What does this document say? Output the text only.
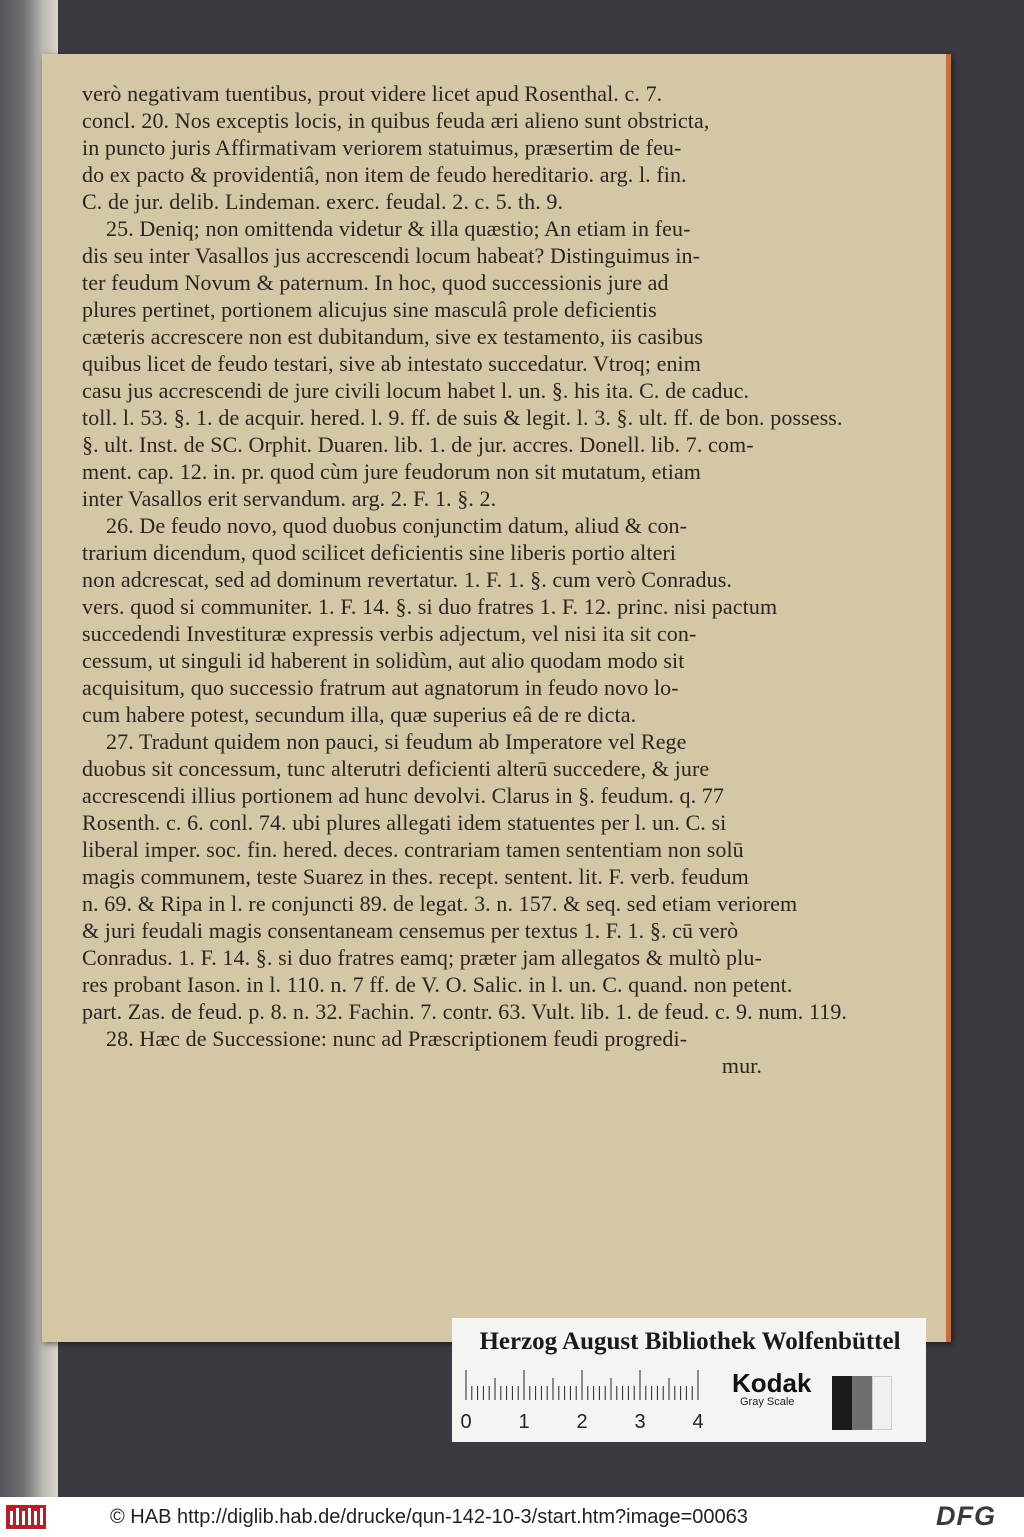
verò negativam tuentibus, prout videre licet apud Rosenthal. c. 7.

concl. 20. Nos exceptis locis, in quibus feuda æri alieno sunt obstricta,

in puncto juris Affirmativam veriorem statuimus, præsertim de feu-

do ex pacto & providentiâ, non item de feudo hereditario. arg. l. fin.

C. de jur. delib. Lindeman. exerc. feudal. 2. c. 5. th. 9.

25. Deniq; non omittenda videtur & illa quæstio; An etiam in feu-

dis seu inter Vasallos jus accrescendi locum habeat? Distinguimus in-

ter feudum Novum & paternum. In hoc, quod successionis jure ad

plures pertinet, portionem alicujus sine masculâ prole deficientis

cæteris accrescere non est dubitandum, sive ex testamento, iis casibus

quibus licet de feudo testari, sive ab intestato succedatur. Vtroq; enim

casu jus accrescendi de jure civili locum habet l. un. §. his ita. C. de caduc.

toll. l. 53. §. 1. de acquir. hered. l. 9. ff. de suis & legit. l. 3. §. ult. ff. de bon. possess.

§. ult. Inst. de SC. Orphit. Duaren. lib. 1. de jur. accres. Donell. lib. 7. com-

ment. cap. 12. in. pr. quod cùm jure feudorum non sit mutatum, etiam

inter Vasallos erit servandum. arg. 2. F. 1. §. 2.

26. De feudo novo, quod duobus conjunctim datum, aliud & con-

trarium dicendum, quod scilicet deficientis sine liberis portio alteri

non adcrescat, sed ad dominum revertatur. 1. F. 1. §. cum verò Conradus.

vers. quod si communiter. 1. F. 14. §. si duo fratres 1. F. 12. princ. nisi pactum

succedendi Investituræ expressis verbis adjectum, vel nisi ita sit con-

cessum, ut singuli id haberent in solidùm, aut alio quodam modo sit

acquisitum, quo successio fratrum aut agnatorum in feudo novo lo-

cum habere potest, secundum illa, quæ superius eâ de re dicta.

27. Tradunt quidem non pauci, si feudum ab Imperatore vel Rege

duobus sit concessum, tunc alterutri deficienti alterū succedere, & jure

accrescendi illius portionem ad hunc devolvi. Clarus in §. feudum. q. 77

Rosenth. c. 6. conl. 74. ubi plures allegati idem statuentes per l. un. C. si

liberal imper. soc. fin. hered. deces. contrariam tamen sententiam non solū

magis communem, teste Suarez in thes. recept. sentent. lit. F. verb. feudum

n. 69. & Ripa in l. re conjuncti 89. de legat. 3. n. 157. & seq. sed etiam veriorem

& juri feudali magis consentaneam censemus per textus 1. F. 1. §. cū verò

Conradus. 1. F. 14. §. si duo fratres eamq; præter jam allegatos & multò plu-

res probant Iason. in l. 110. n. 7 ff. de V. O. Salic. in l. un. C. quand. non petent.

part. Zas. de feud. p. 8. n. 32. Fachin. 7. contr. 63. Vult. lib. 1. de feud. c. 9. num. 119.

28. Hæc de Successione: nunc ad Præscriptionem feudi progredi-

mur.

Herzog August Bibliothek Wolfenbüttel
0 1 2 3 4
Kodak
Gray Scale
© HAB http://diglib.hab.de/drucke/qun-142-10-3/start.htm?image=00063	DFG
